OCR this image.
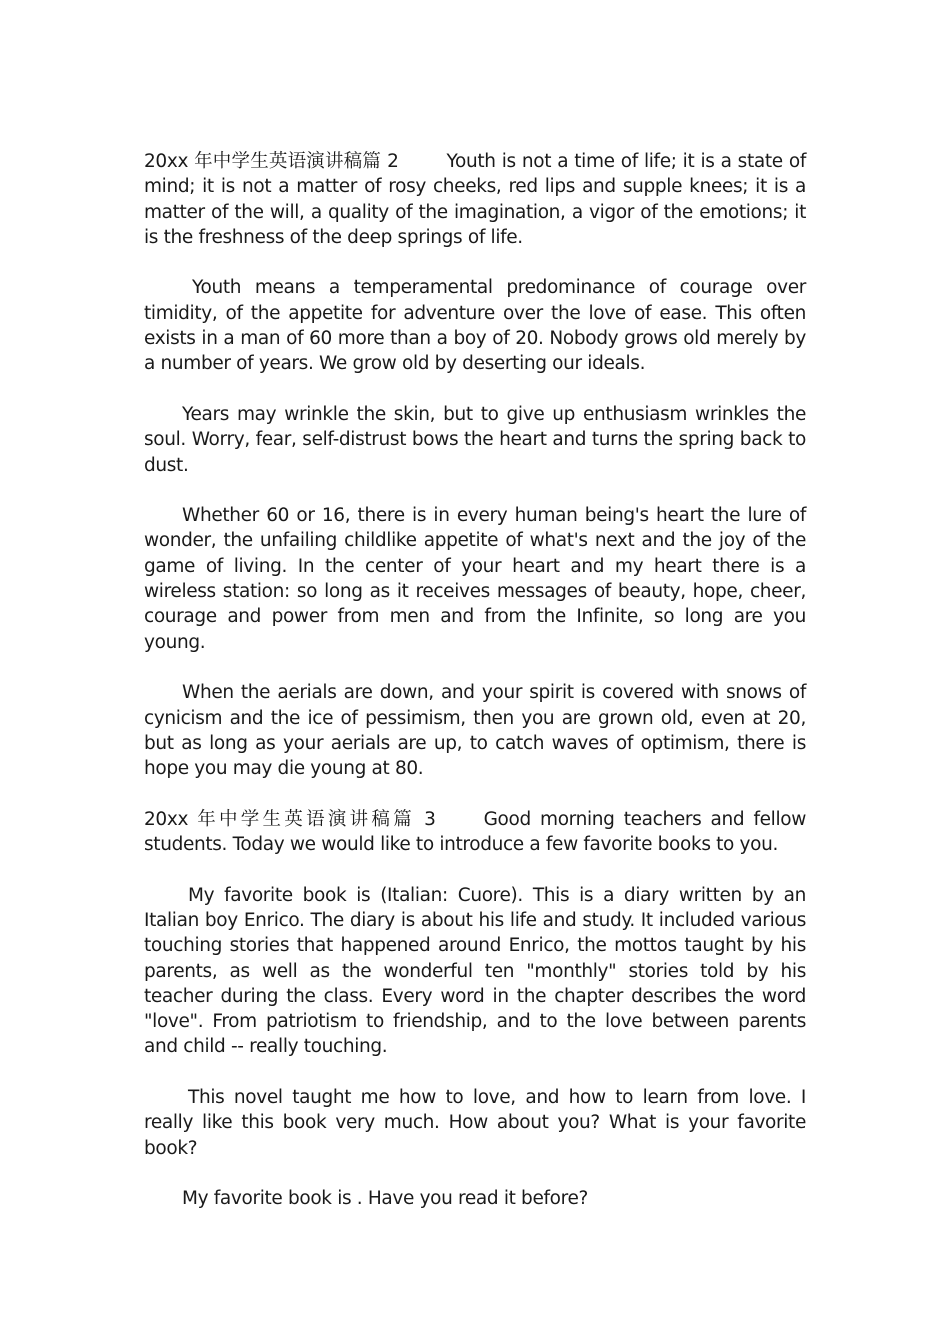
20xx 年中学生英语演讲稿篇 2	Youth is not a time of life; it is a state of mind; it is not a matter of rosy cheeks, red lips and supple knees; it is a matter of the will, a quality of the imagination, a vigor of the emotions; it is the freshness of the deep springs of life.

Youth means a temperamental predominance of courage over timidity, of the appetite for adventure over the love of ease. This often exists in a man of 60 more than a boy of 20. Nobody grows old merely by a number of years. We grow old by deserting our ideals.

Years may wrinkle the skin, but to give up enthusiasm wrinkles the soul. Worry, fear, self-distrust bows the heart and turns the spring back to dust.

Whether 60 or 16, there is in every human being's heart the lure of wonder, the unfailing childlike appetite of what's next and the joy of the game of living. In the center of your heart and my heart there is a wireless station: so long as it receives messages of beauty, hope, cheer, courage and power from men and from the Infinite, so long are you young.

When the aerials are down, and your spirit is covered with snows of cynicism and the ice of pessimism, then you are grown old, even at 20, but as long as your aerials are up, to catch waves of optimism, there is hope you may die young at 80.

20xx 年中学生英语演讲稿篇 3	Good morning teachers and fellow students. Today we would like to introduce a few favorite books to you.

My favorite book is (Italian: Cuore). This is a diary written by an Italian boy Enrico. The diary is about his life and study. It included various touching stories that happened around Enrico, the mottos taught by his parents, as well as the wonderful ten "monthly" stories told by his teacher during the class. Every word in the chapter describes the word "love". From patriotism to friendship, and to the love between parents and child -- really touching.

This novel taught me how to love, and how to learn from love. I really like this book very much. How about you? What is your favorite book?

My favorite book is . Have you read it before?
